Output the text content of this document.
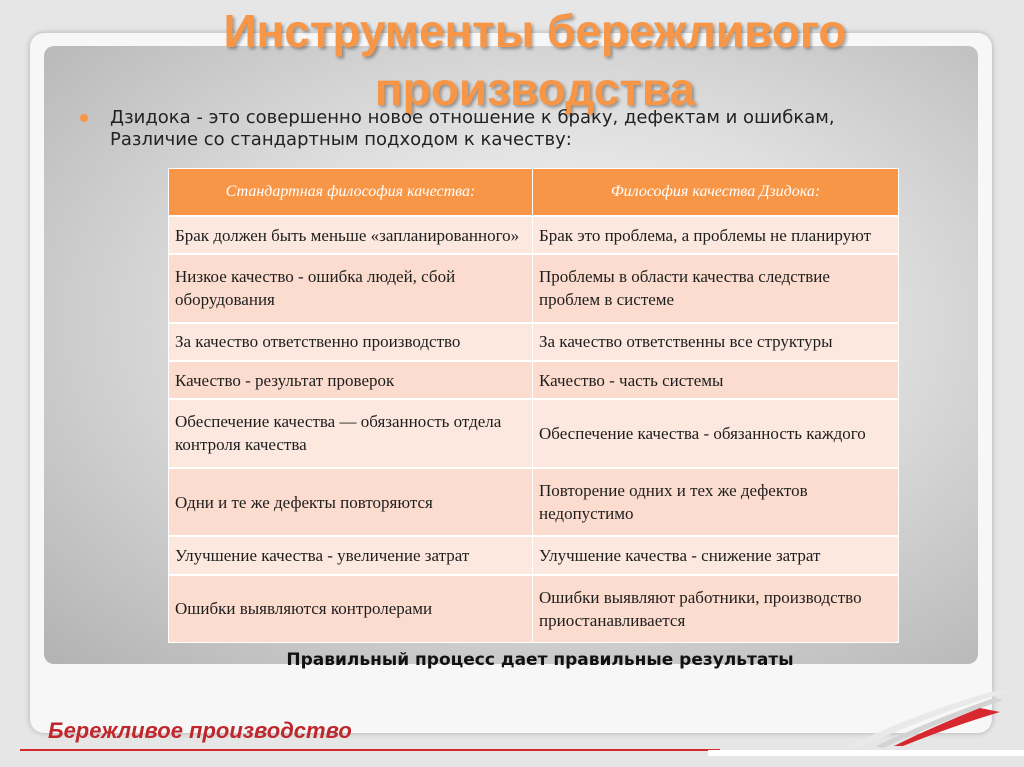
Инструменты бережливого производства
Дзидока - это совершенно новое отношение к браку, дефектам и ошибкам,
Различие со стандартным подходом к качеству:
Стандартная философия качества:	Философия качества Дзидока:
Брак должен быть меньше «запланированного»	Брак это проблема, а проблемы не планируют
Низкое качество - ошибка людей, сбой оборудования	Проблемы в области качества следствие проблем в системе
За качество ответственно производство	За качество ответственны все структуры
Качество - результат проверок	Качество - часть системы
Обеспечение качества — обязанность отдела контроля качества	Обеспечение качества - обязанность каждого
Одни и те же дефекты повторяются	Повторение одних и тех же дефектов недопустимо
Улучшение качества - увеличение затрат	Улучшение качества - снижение затрат
Ошибки выявляются контролерами	Ошибки выявляют работники, производство приостанавливается
Правильный процесс дает правильные результаты
Бережливое производство
